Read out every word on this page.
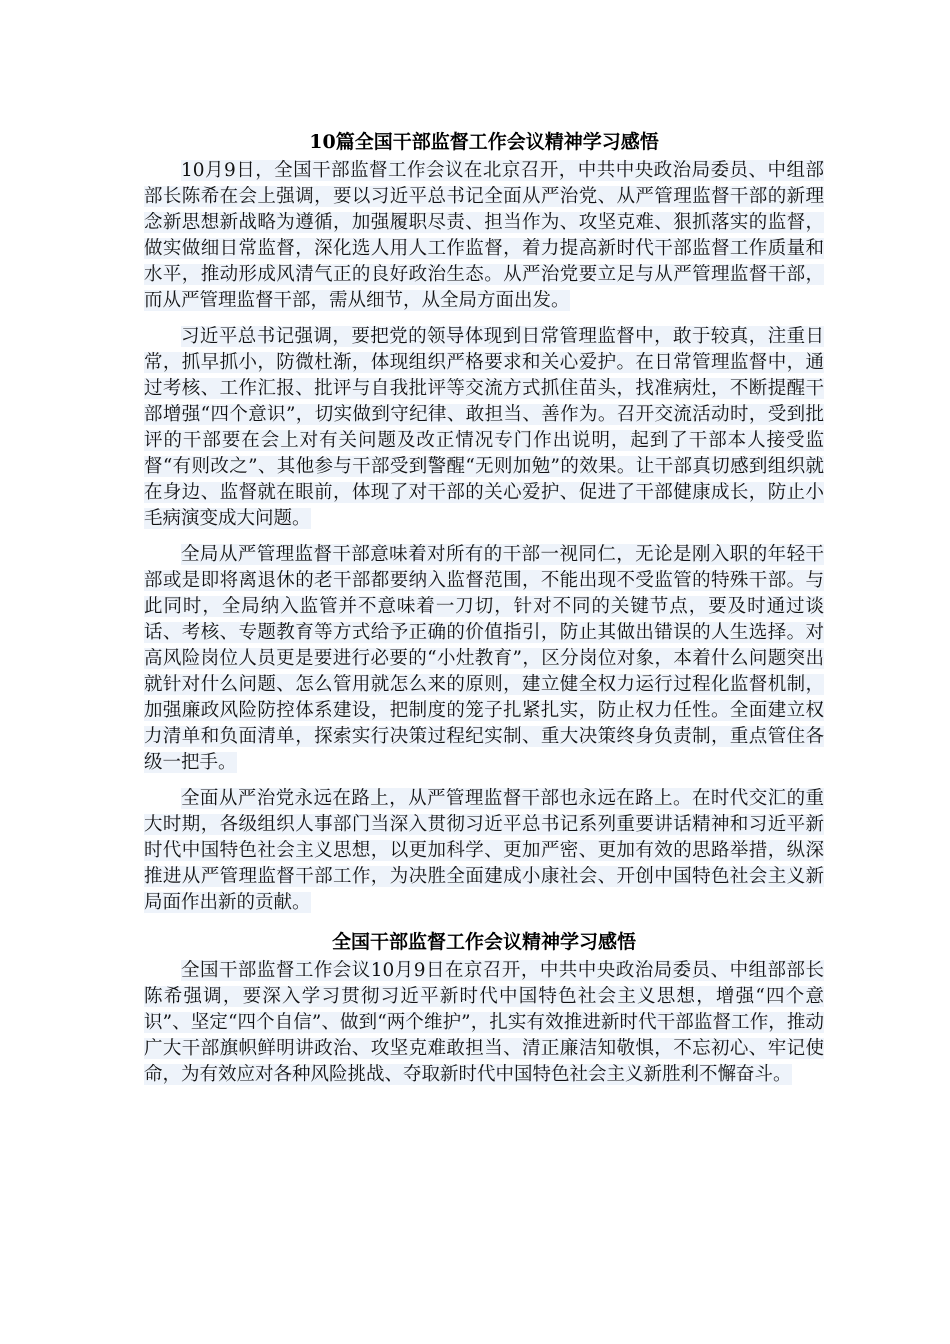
10篇全国干部监督工作会议精神学习感悟

10月9日，全国干部监督工作会议在北京召开，中共中央政治局委员、中组部部长陈希在会上强调，要以习近平总书记全面从严治党、从严管理监督干部的新理念新思想新战略为遵循，加强履职尽责、担当作为、攻坚克难、狠抓落实的监督，做实做细日常监督，深化选人用人工作监督，着力提高新时代干部监督工作质量和水平，推动形成风清气正的良好政治生态。从严治党要立足与从严管理监督干部，而从严管理监督干部，需从细节，从全局方面出发。

习近平总书记强调，要把党的领导体现到日常管理监督中，敢于较真，注重日常，抓早抓小，防微杜渐，体现组织严格要求和关心爱护。在日常管理监督中，通过考核、工作汇报、批评与自我批评等交流方式抓住苗头，找准病灶，不断提醒干部增强“四个意识”，切实做到守纪律、敢担当、善作为。召开交流活动时，受到批评的干部要在会上对有关问题及改正情况专门作出说明，起到了干部本人接受监督“有则改之”、其他参与干部受到警醒“无则加勉”的效果。让干部真切感到组织就在身边、监督就在眼前，体现了对干部的关心爱护、促进了干部健康成长，防止小毛病演变成大问题。

全局从严管理监督干部意味着对所有的干部一视同仁，无论是刚入职的年轻干部或是即将离退休的老干部都要纳入监督范围，不能出现不受监管的特殊干部。与此同时，全局纳入监管并不意味着一刀切，针对不同的关键节点，要及时通过谈话、考核、专题教育等方式给予正确的价值指引，防止其做出错误的人生选择。对高风险岗位人员更是要进行必要的“小灶教育”，区分岗位对象，本着什么问题突出就针对什么问题、怎么管用就怎么来的原则，建立健全权力运行过程化监督机制，加强廉政风险防控体系建设，把制度的笼子扎紧扎实，防止权力任性。全面建立权力清单和负面清单，探索实行决策过程纪实制、重大决策终身负责制，重点管住各级一把手。

全面从严治党永远在路上，从严管理监督干部也永远在路上。在时代交汇的重大时期，各级组织人事部门当深入贯彻习近平总书记系列重要讲话精神和习近平新时代中国特色社会主义思想，以更加科学、更加严密、更加有效的思路举措，纵深推进从严管理监督干部工作，为决胜全面建成小康社会、开创中国特色社会主义新局面作出新的贡献。

全国干部监督工作会议精神学习感悟

全国干部监督工作会议10月9日在京召开，中共中央政治局委员、中组部部长陈希强调，要深入学习贯彻习近平新时代中国特色社会主义思想，增强“四个意识”、坚定“四个自信”、做到“两个维护”，扎实有效推进新时代干部监督工作，推动广大干部旗帜鲜明讲政治、攻坚克难敢担当、清正廉洁知敬惧，不忘初心、牢记使命，为有效应对各种风险挑战、夺取新时代中国特色社会主义新胜利不懈奋斗。
